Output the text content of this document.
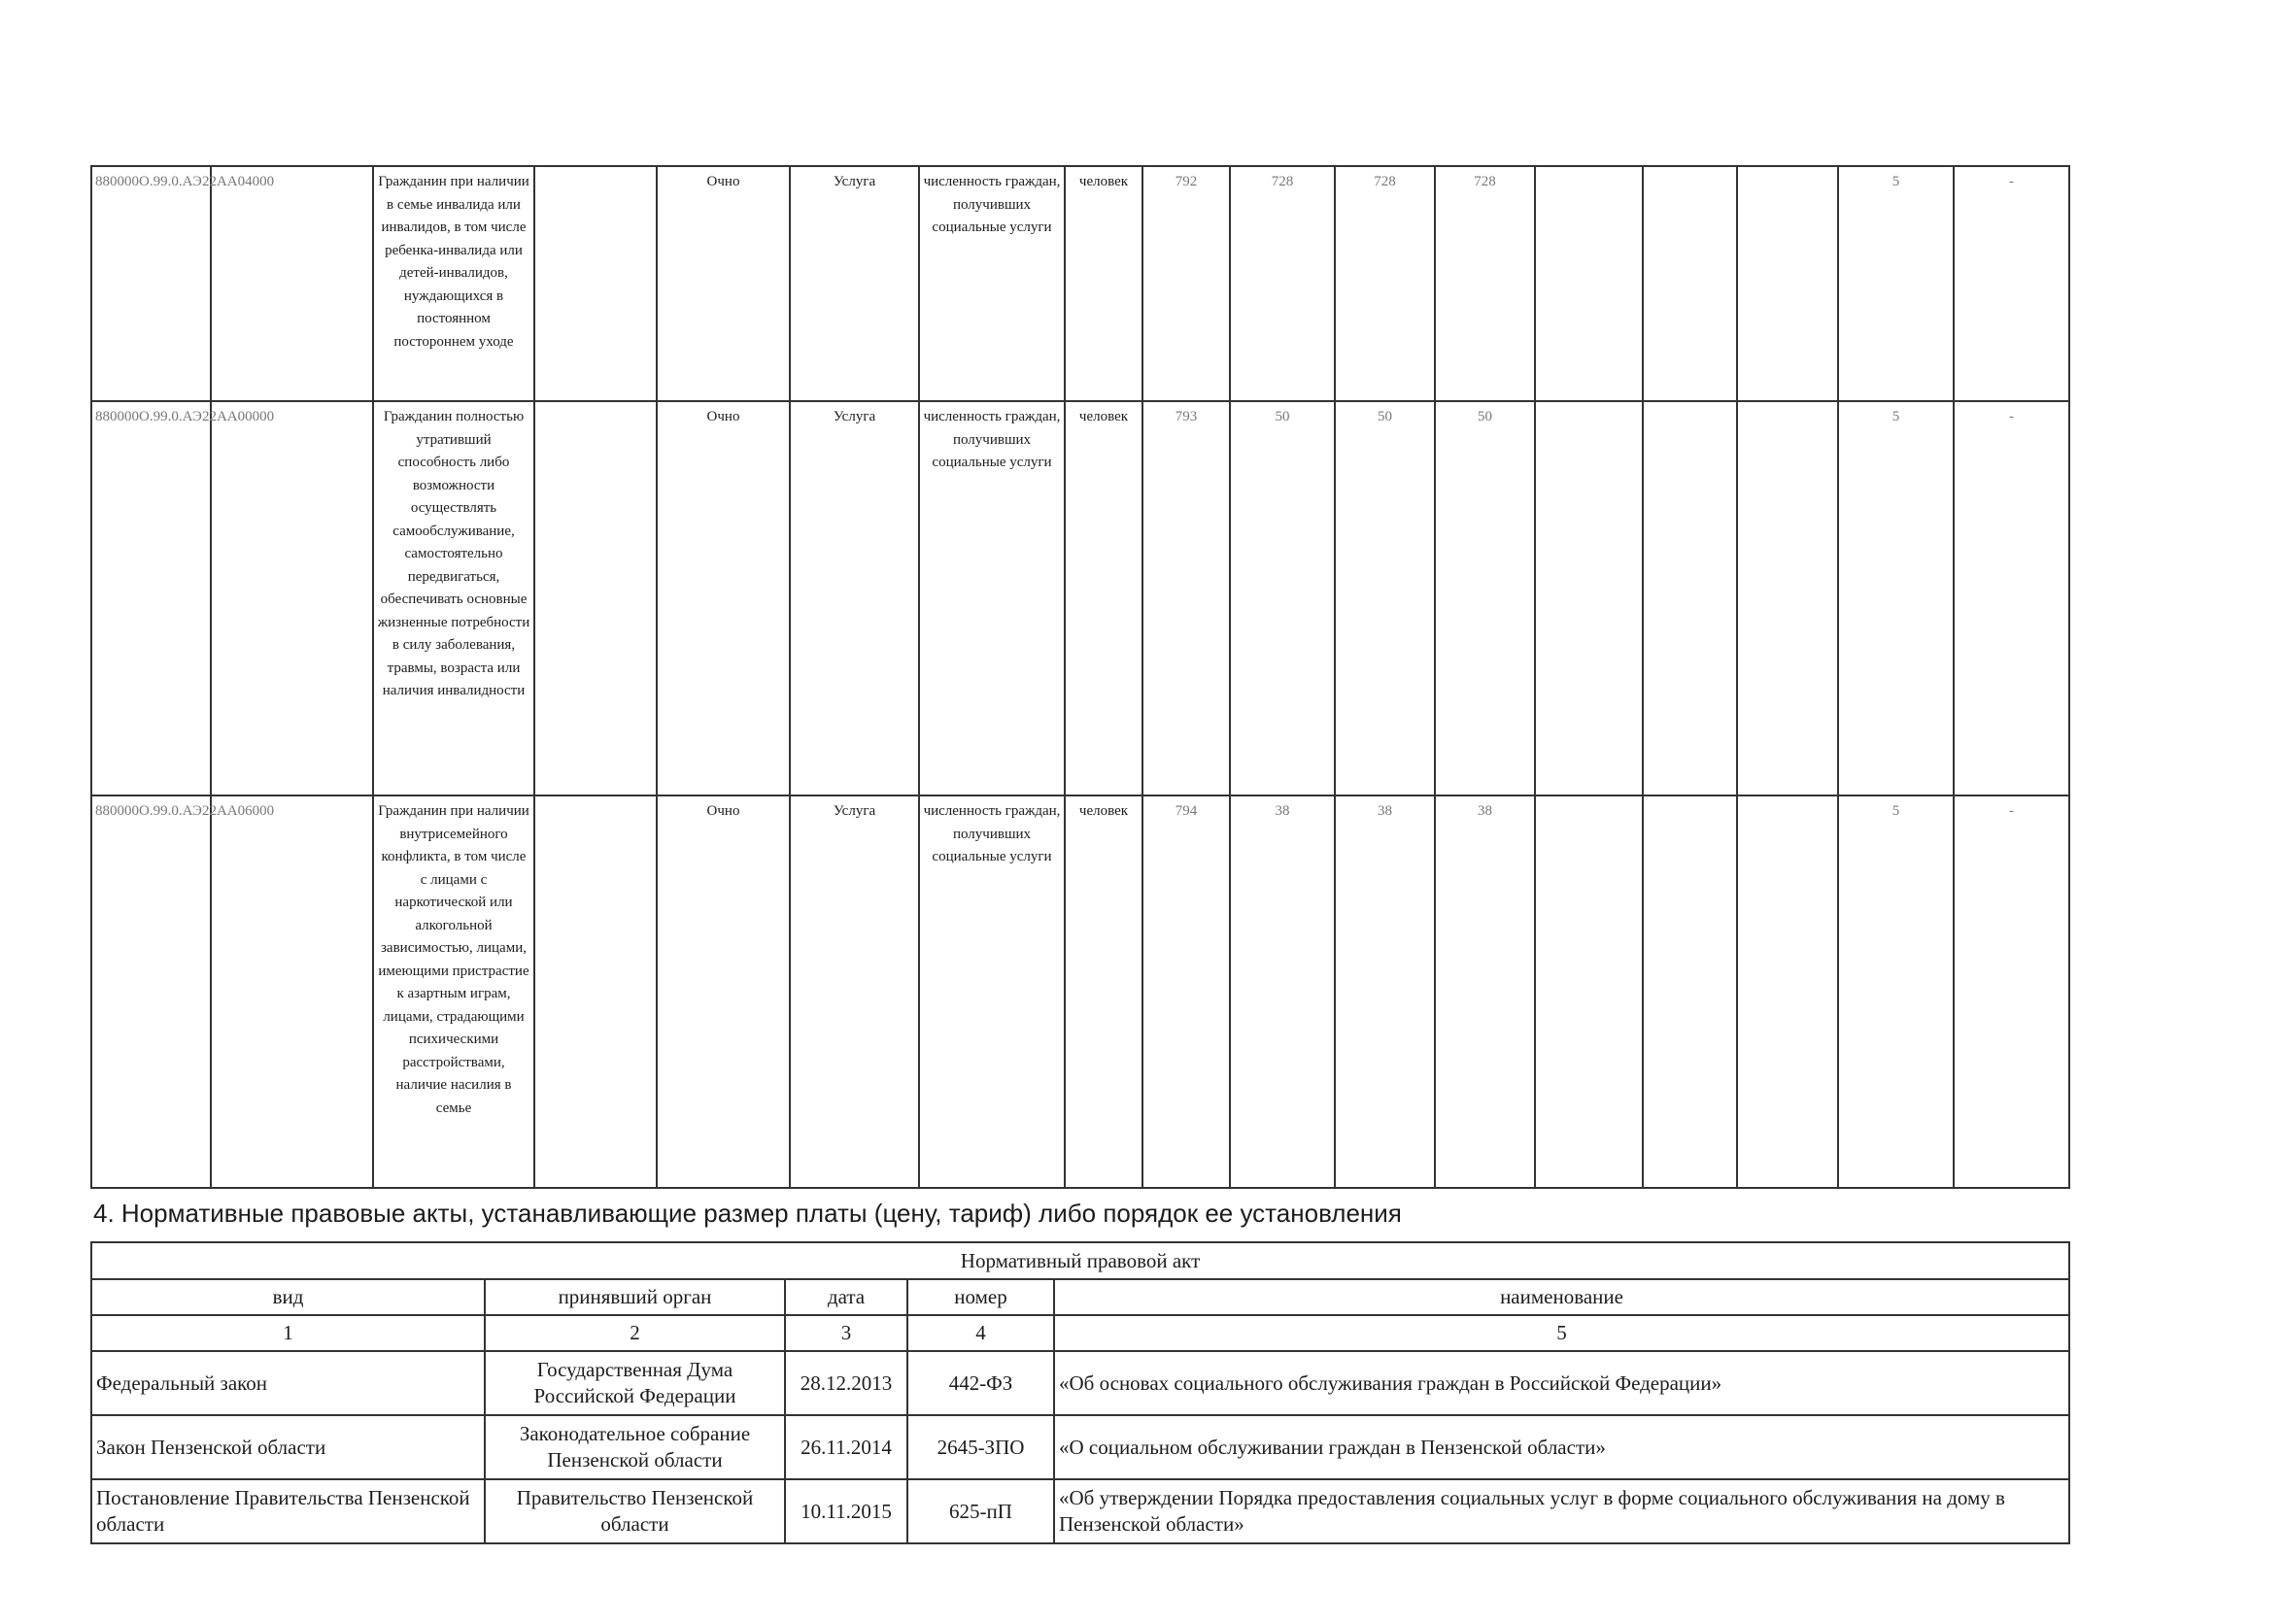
880000О.99.0.АЭ22АА04000		Гражданин при наличии в семье инвалида или инвалидов, в том числе ребенка-инвалида или детей-инвалидов, нуждающихся в постоянном постороннем уходе		Очно	Услуга	численность граждан, получивших социальные услуги	человек	792	728	728	728				5	-
880000О.99.0.АЭ22АА00000		Гражданин полностью утративший способность либо возможности осуществлять самообслуживание, самостоятельно передвигаться, обеспечивать основные жизненные потребности в силу заболевания, травмы, возраста или наличия инвалидности		Очно	Услуга	численность граждан, получивших социальные услуги	человек	793	50	50	50				5	-
880000О.99.0.АЭ22АА06000		Гражданин при наличии внутрисемейного конфликта, в том числе с лицами с наркотической или алкогольной зависимостью, лицами, имеющими пристрастие к азартным играм, лицами, страдающими психическими расстройствами, наличие насилия в семье		Очно	Услуга	численность граждан, получивших социальные услуги	человек	794	38	38	38				5	-
4. Нормативные правовые акты, устанавливающие размер платы (цену, тариф) либо порядок ее установления
Нормативный правовой акт				
вид	принявший орган	дата	номер	наименование
1	2	3	4	5
Федеральный закон	Государственная Дума Российской Федерации	28.12.2013	442-ФЗ	«Об основах социального обслуживания граждан в Российской Федерации»
Закон Пензенской области	Законодательное собрание Пензенской области	26.11.2014	2645-ЗПО	«О социальном обслуживании граждан в Пензенской области»
Постановление Правительства Пензенской области	Правительство Пензенской области	10.11.2015	625-пП	«Об утверждении Порядка предоставления социальных услуг в форме социального обслуживания на дому в Пензенской области»
